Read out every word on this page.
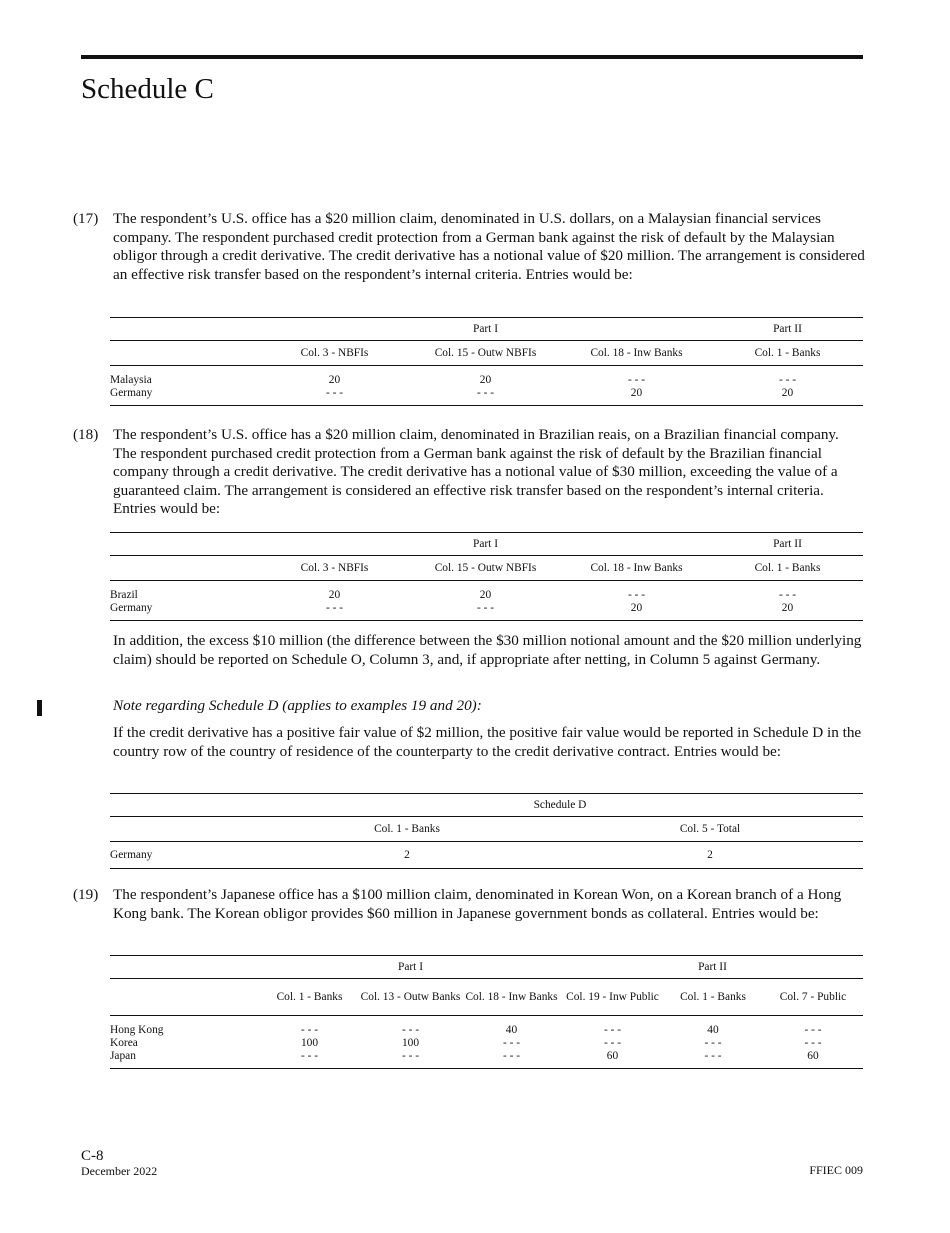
Schedule C

(17) The respondent’s U.S. office has a $20 million claim, denominated in U.S. dollars, on a Malaysian financial services company. The respondent purchased credit protection from a German bank against the risk of default by the Malaysian obligor through a credit derivative. The credit derivative has a notional value of $20 million. The arrangement is considered an effective risk transfer based on the respondent’s internal criteria. Entries would be:

	Part I			Part II
	Col. 3 - NBFIs	Col. 15 - Outw NBFIs	Col. 18 - Inw Banks	Col. 1 - Banks
Malaysia	20	20	- - -	- - -
Germany	- - -	- - -	20	20

(18) The respondent’s U.S. office has a $20 million claim, denominated in Brazilian reais, on a Brazilian financial company. The respondent purchased credit protection from a German bank against the risk of default by the Brazilian financial company through a credit derivative. The credit derivative has a notional value of $30 million, exceeding the value of a guaranteed claim. The arrangement is considered an effective risk transfer based on the respondent’s internal criteria. Entries would be:

	Part I			Part II
	Col. 3 - NBFIs	Col. 15 - Outw NBFIs	Col. 18 - Inw Banks	Col. 1 - Banks
Brazil	20	20	- - -	- - -
Germany	- - -	- - -	20	20

In addition, the excess $10 million (the difference between the $30 million notional amount and the $20 million underlying claim) should be reported on Schedule O, Column 3, and, if appropriate after netting, in Column 5 against Germany.

Note regarding Schedule D (applies to examples 19 and 20):

If the credit derivative has a positive fair value of $2 million, the positive fair value would be reported in Schedule D in the country row of the country of residence of the counterparty to the credit derivative contract. Entries would be:

	Schedule D	
	Col. 1 - Banks	Col. 5 - Total
Germany	2	2

(19) The respondent’s Japanese office has a $100 million claim, denominated in Korean Won, on a Korean branch of a Hong Kong bank. The Korean obligor provides $60 million in Japanese government bonds as collateral. Entries would be:

	Part I			Part II		
	Col. 1 - Banks	Col. 13 - Outw Banks	Col. 18 - Inw Banks	Col. 19 - Inw Public	Col. 1 - Banks	Col. 7 - Public
Hong Kong	- - -	- - -	40	- - -	40	- - -
Korea	100	100	- - -	- - -	- - -	- - -
Japan	- - -	- - -	- - -	60	- - -	60
C-8
December 2022	FFIEC 009
